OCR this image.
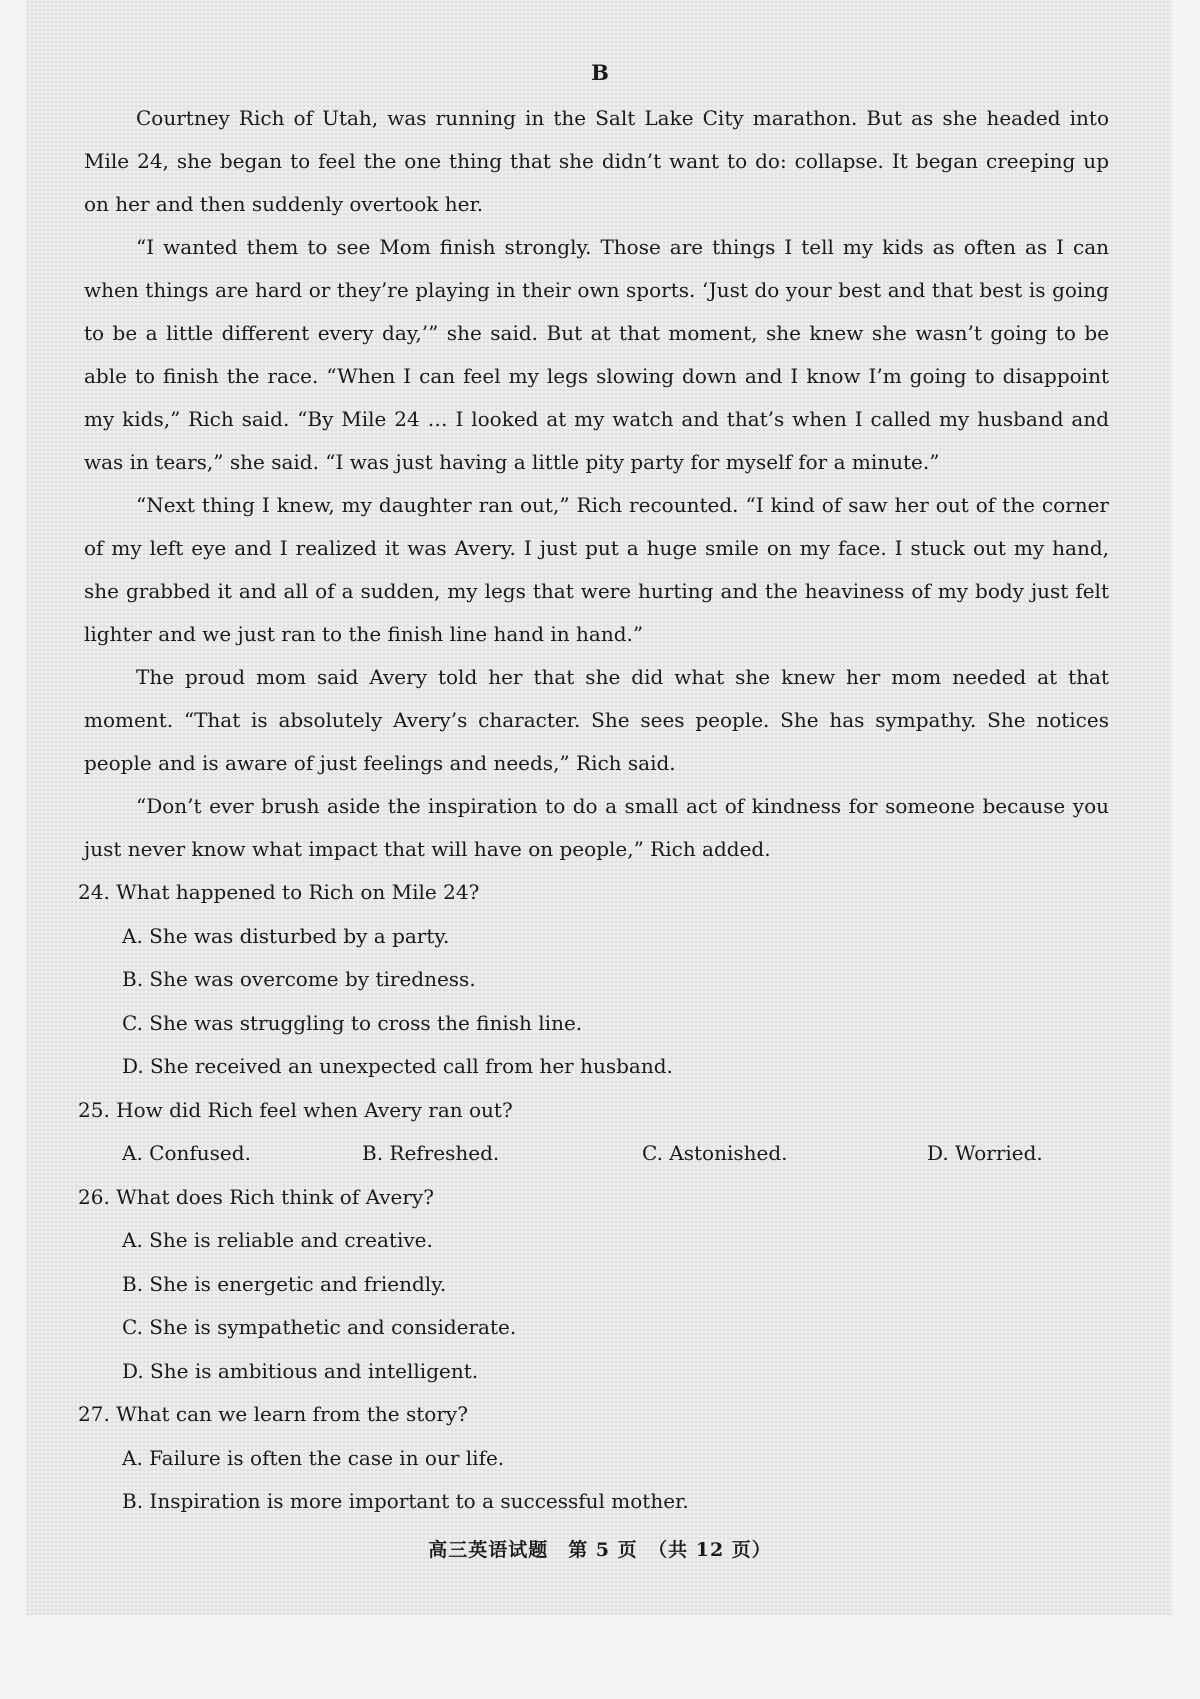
B

Courtney Rich of Utah, was running in the Salt Lake City marathon. But as she headed into Mile 24, she began to feel the one thing that she didn’t want to do: collapse. It began creeping up on her and then suddenly overtook her.

“I wanted them to see Mom finish strongly. Those are things I tell my kids as often as I can when things are hard or they’re playing in their own sports. ‘Just do your best and that best is going to be a little different every day,’” she said. But at that moment, she knew she wasn’t going to be able to finish the race. “When I can feel my legs slowing down and I know I’m going to disappoint my kids,” Rich said. “By Mile 24 … I looked at my watch and that’s when I called my husband and was in tears,” she said. “I was just having a little pity party for myself for a minute.”

“Next thing I knew, my daughter ran out,” Rich recounted. “I kind of saw her out of the corner of my left eye and I realized it was Avery. I just put a huge smile on my face. I stuck out my hand, she grabbed it and all of a sudden, my legs that were hurting and the heaviness of my body just felt lighter and we just ran to the finish line hand in hand.”

The proud mom said Avery told her that she did what she knew her mom needed at that moment. “That is absolutely Avery’s character. She sees people. She has sympathy. She notices people and is aware of just feelings and needs,” Rich said.

“Don’t ever brush aside the inspiration to do a small act of kindness for someone because you just never know what impact that will have on people,” Rich added.

24. What happened to Rich on Mile 24?

A. She was disturbed by a party.

B. She was overcome by tiredness.

C. She was struggling to cross the finish line.

D. She received an unexpected call from her husband.

25. How did Rich feel when Avery ran out?

A. Confused.	B. Refreshed.	C. Astonished.	D. Worried.

26. What does Rich think of Avery?

A. She is reliable and creative.

B. She is energetic and friendly.

C. She is sympathetic and considerate.

D. She is ambitious and intelligent.

27. What can we learn from the story?

A. Failure is often the case in our life.

B. Inspiration is more important to a successful mother.

高三英语试题　第 5 页　（共 12 页）
